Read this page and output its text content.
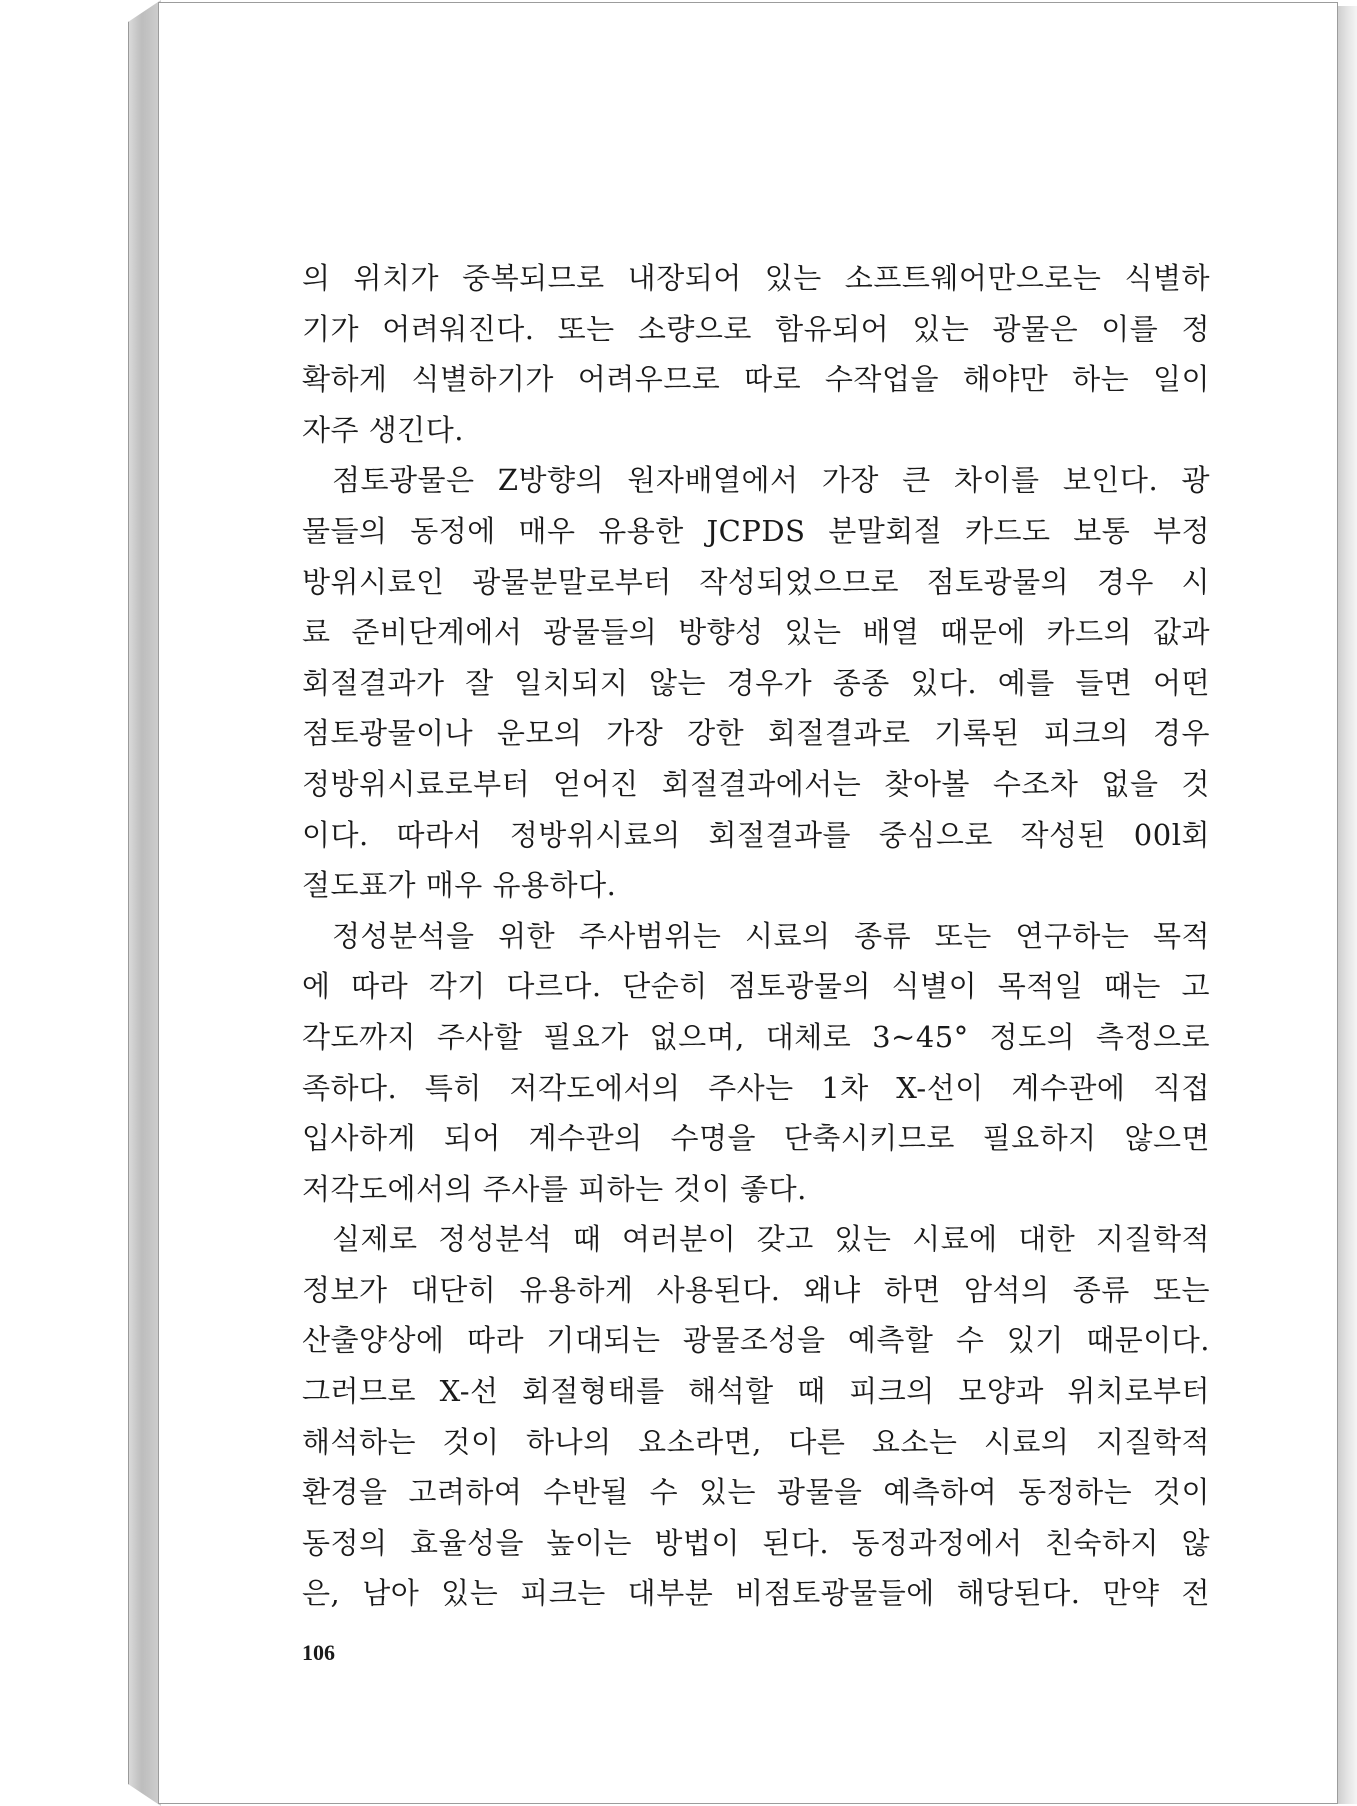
의 위치가 중복되므로 내장되어 있는 소프트웨어만으로는 식별하
기가 어려워진다. 또는 소량으로 함유되어 있는 광물은 이를 정
확하게 식별하기가 어려우므로 따로 수작업을 해야만 하는 일이
자주 생긴다.
점토광물은 Z방향의 원자배열에서 가장 큰 차이를 보인다. 광
물들의 동정에 매우 유용한 JCPDS 분말회절 카드도 보통 부정
방위시료인 광물분말로부터 작성되었으므로 점토광물의 경우 시
료 준비단계에서 광물들의 방향성 있는 배열 때문에 카드의 값과
회절결과가 잘 일치되지 않는 경우가 종종 있다. 예를 들면 어떤
점토광물이나 운모의 가장 강한 회절결과로 기록된 피크의 경우
정방위시료로부터 얻어진 회절결과에서는 찾아볼 수조차 없을 것
이다. 따라서 정방위시료의 회절결과를 중심으로 작성된 00l회
절도표가 매우 유용하다.
정성분석을 위한 주사범위는 시료의 종류 또는 연구하는 목적
에 따라 각기 다르다. 단순히 점토광물의 식별이 목적일 때는 고
각도까지 주사할 필요가 없으며, 대체로 3~45° 정도의 측정으로
족하다. 특히 저각도에서의 주사는 1차 X-선이 계수관에 직접
입사하게 되어 계수관의 수명을 단축시키므로 필요하지 않으면
저각도에서의 주사를 피하는 것이 좋다.
실제로 정성분석 때 여러분이 갖고 있는 시료에 대한 지질학적
정보가 대단히 유용하게 사용된다. 왜냐 하면 암석의 종류 또는
산출양상에 따라 기대되는 광물조성을 예측할 수 있기 때문이다.
그러므로 X-선 회절형태를 해석할 때 피크의 모양과 위치로부터
해석하는 것이 하나의 요소라면, 다른 요소는 시료의 지질학적
환경을 고려하여 수반될 수 있는 광물을 예측하여 동정하는 것이
동정의 효율성을 높이는 방법이 된다. 동정과정에서 친숙하지 않
은, 남아 있는 피크는 대부분 비점토광물들에 해당된다. 만약 전
106
